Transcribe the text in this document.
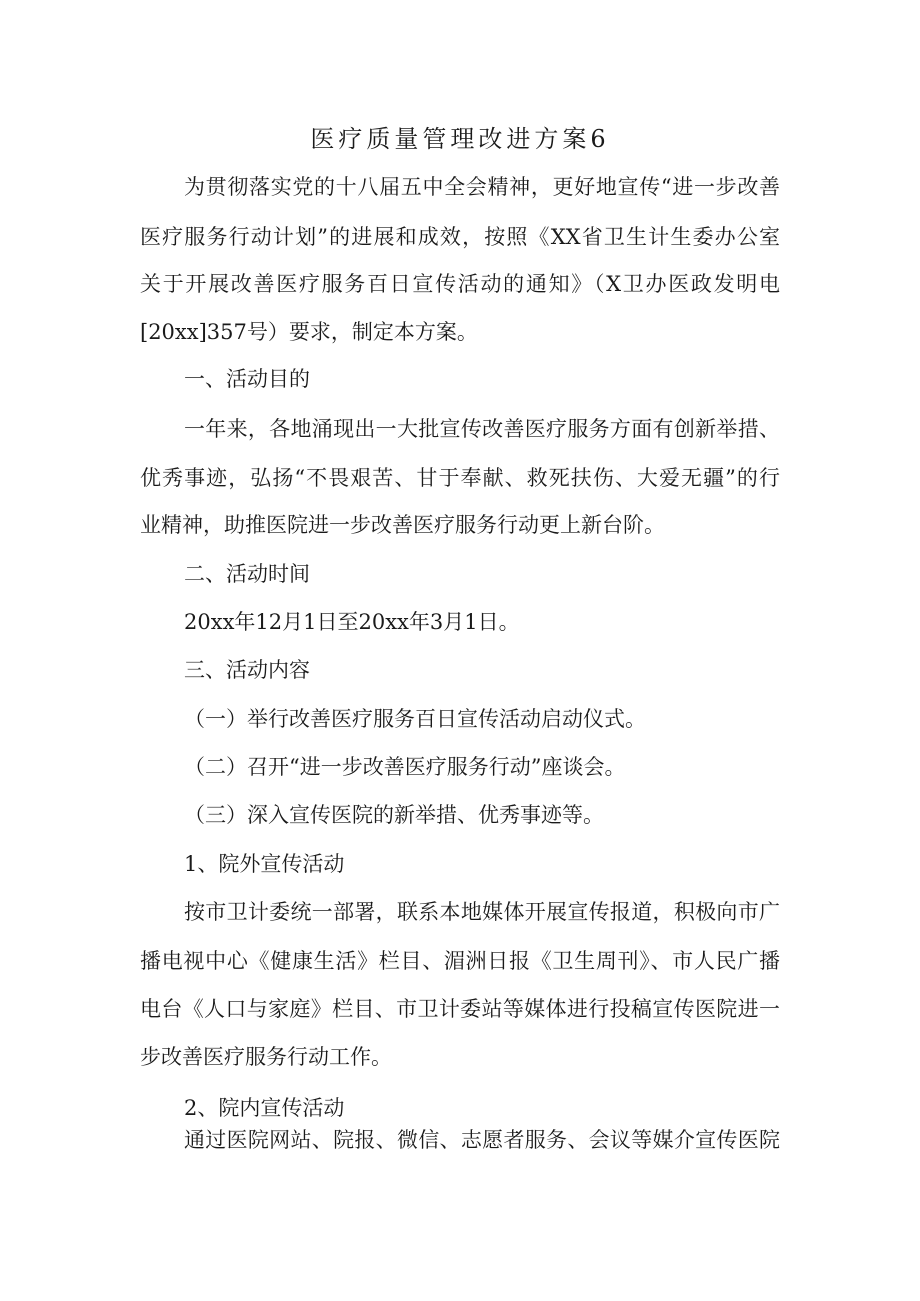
医疗质量管理改进方案6
为贯彻落实党的十八届五中全会精神，更好地宣传“进一步改善
医疗服务行动计划”的进展和成效，按照《XX省卫生计生委办公室
关于开展改善医疗服务百日宣传活动的通知》（X卫办医政发明电
[20xx]357号）要求，制定本方案。
一、活动目的
一年来，各地涌现出一大批宣传改善医疗服务方面有创新举措、
优秀事迹，弘扬“不畏艰苦、甘于奉献、救死扶伤、大爱无疆”的行
业精神，助推医院进一步改善医疗服务行动更上新台阶。
二、活动时间
20xx年12月1日至20xx年3月1日。
三、活动内容
（一）举行改善医疗服务百日宣传活动启动仪式。
（二）召开“进一步改善医疗服务行动”座谈会。
（三）深入宣传医院的新举措、优秀事迹等。
1、院外宣传活动
按市卫计委统一部署，联系本地媒体开展宣传报道，积极向市广
播电视中心《健康生活》栏目、湄洲日报《卫生周刊》、市人民广播
电台《人口与家庭》栏目、市卫计委站等媒体进行投稿宣传医院进一
步改善医疗服务行动工作。
2、院内宣传活动
通过医院网站、院报、微信、志愿者服务、会议等媒介宣传医院
